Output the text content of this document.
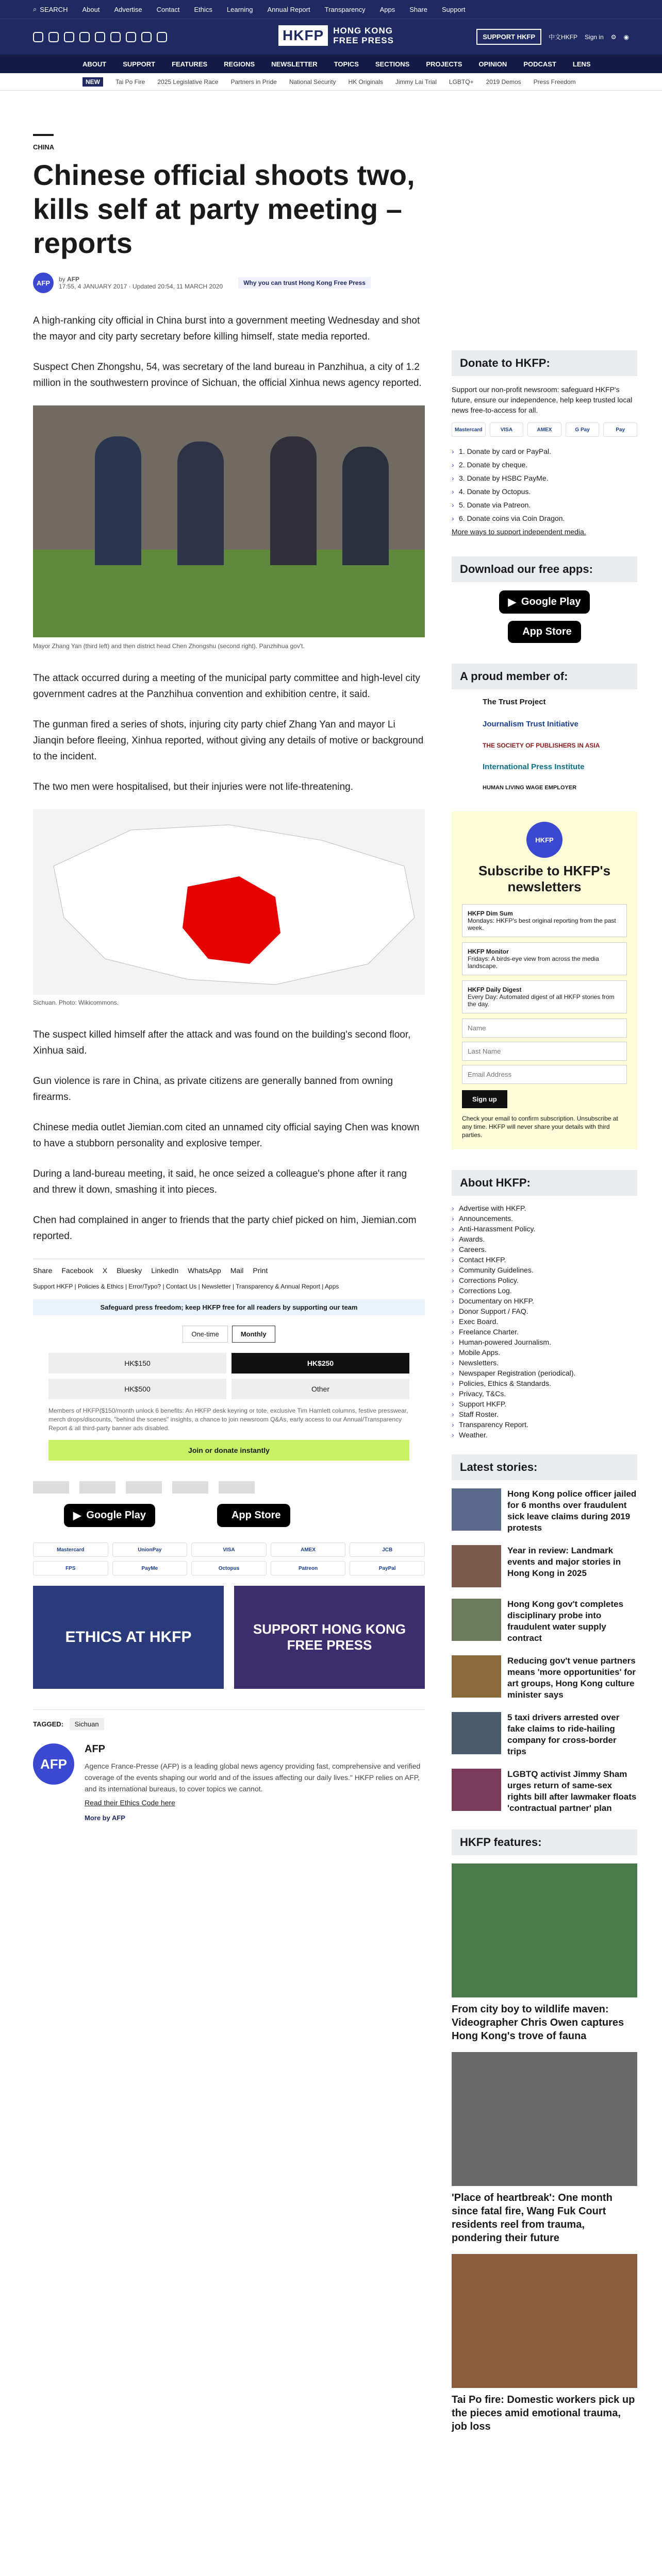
⌕ SEARCH About Advertise Contact Ethics Learning Annual Report Transparency Apps Share Support
HKFP	HONG KONG
FREE PRESS	SUPPORT HKFP	中文HKFP Sign in ⚙ ◉
ABOUT SUPPORT FEATURES REGIONS NEWSLETTER TOPICS SECTIONS PROJECTS OPINION PODCAST LENS
NEW	Tai Po Fire 2025 Legislative Race Partners in Pride National Security HK Originals Jimmy Lai Trial LGBTQ+ 2019 Demos Press Freedom
CHINA
Chinese official shoots two, kills self at party meeting – reports
AFP	by AFP
17:55, 4 JANUARY 2017 · Updated 20:54, 11 MARCH 2020	Why you can trust Hong Kong Free Press

A high-ranking city official in China burst into a government meeting Wednesday and shot the mayor and city party secretary before killing himself, state media reported.

Suspect Chen Zhongshu, 54, was secretary of the land bureau in Panzhihua, a city of 1.2 million in the southwestern province of Sichuan, the official Xinhua news agency reported.

Mayor Zhang Yan (third left) and then district head Chen Zhongshu (second right). Panzhihua gov't.

The attack occurred during a meeting of the municipal party committee and high-level city government cadres at the Panzhihua convention and exhibition centre, it said.

The gunman fired a series of shots, injuring city party chief Zhang Yan and mayor Li Jianqin before fleeing, Xinhua reported, without giving any details of motive or background to the incident.

The two men were hospitalised, but their injuries were not life-threatening.

Sichuan. Photo: Wikicommons.

The suspect killed himself after the attack and was found on the building's second floor, Xinhua said.

Gun violence is rare in China, as private citizens are generally banned from owning firearms.

Chinese media outlet Jiemian.com cited an unnamed city official saying Chen was known to have a stubborn personality and explosive temper.

During a land-bureau meeting, it said, he once seized a colleague's phone after it rang and threw it down, smashing it into pieces.

Chen had complained in anger to friends that the party chief picked on him, Jiemian.com reported.

Share Facebook X Bluesky LinkedIn WhatsApp Mail Print
Support HKFP | Policies & Ethics | Error/Typo? | Contact Us | Newsletter | Transparency & Annual Report | Apps
Safeguard press freedom; keep HKFP free for all readers by supporting our team
One-time	Monthly
HK$150	HK$250
HK$500	Other
Members of HKFP($150/month unlock 6 benefits: An HKFP desk keyring or tote, exclusive Tim Hamlett columns, festive presswear, merch drops/discounts, "behind the scenes" insights, a chance to join newsroom Q&As, early access to our Annual/Transparency Report & all third-party banner ads disabled.
Join or donate instantly
▶ Google Play	App Store
Mastercard	UnionPay	VISA	AMEX	JCB
FPS	PayMe	Octopus	Patreon	PayPal
ETHICS AT HKFP	SUPPORT HONG KONG FREE PRESS
TAGGED: Sichuan
AFP
AFP
Agence France-Presse (AFP) is a leading global news agency providing fast, comprehensive and verified coverage of the events shaping our world and of the issues affecting our daily lives." HKFP relies on AFP, and its international bureaus, to cover topics we cannot.
Read their Ethics Code here
More by AFP
Donate to HKFP:
Support our non-profit newsroom: safeguard HKFP's future, ensure our independence, help keep trusted local news free-to-access for all.
Mastercard	VISA	AMEX	G Pay	Pay
› 1. Donate by card or PayPal.
› 2. Donate by cheque.
› 3. Donate by HSBC PayMe.
› 4. Donate by Octopus.
› 5. Donate via Patreon.
› 6. Donate coins via Coin Dragon.
More ways to support independent media.
Download our free apps:
▶ Google Play
App Store
A proud member of:
The Trust Project
Journalism Trust Initiative
THE SOCIETY OF PUBLISHERS IN ASIA
International Press Institute
HUMAN LIVING WAGE EMPLOYER
HKFP
Subscribe to HKFP's newsletters
HKFP Dim Sum
Mondays: HKFP's best original reporting from the past week.
HKFP Monitor
Fridays: A birds-eye view from across the media landscape.
HKFP Daily Digest
Every Day: Automated digest of all HKFP stories from the day.
Name Last Name Email Address Sign up
Check your email to confirm subscription. Unsubscribe at any time. HKFP will never share your details with third parties.
About HKFP:
› Advertise with HKFP.
› Announcements.
› Anti-Harassment Policy.
› Awards.
› Careers.
› Contact HKFP.
› Community Guidelines.
› Corrections Policy.
› Corrections Log.
› Documentary on HKFP.
› Donor Support / FAQ.
› Exec Board.
› Freelance Charter.
› Human-powered Journalism.
› Mobile Apps.
› Newsletters.
› Newspaper Registration (periodical).
› Policies, Ethics & Standards.
› Privacy, T&Cs.
› Support HKFP.
› Staff Roster.
› Transparency Report.
› Weather.
Latest stories:
Hong Kong police officer jailed for 6 months over fraudulent sick leave claims during 2019 protests
Year in review: Landmark events and major stories in Hong Kong in 2025
Hong Kong gov't completes disciplinary probe into fraudulent water supply contract
Reducing gov't venue partners means 'more opportunities' for art groups, Hong Kong culture minister says
5 taxi drivers arrested over fake claims to ride-hailing company for cross-border trips
LGBTQ activist Jimmy Sham urges return of same-sex rights bill after lawmaker floats 'contractual partner' plan
HKFP features:
From city boy to wildlife maven: Videographer Chris Owen captures Hong Kong's trove of fauna
'Place of heartbreak': One month since fatal fire, Wang Fuk Court residents reel from trauma, pondering their future
Tai Po fire: Domestic workers pick up the pieces amid emotional trauma, job loss
